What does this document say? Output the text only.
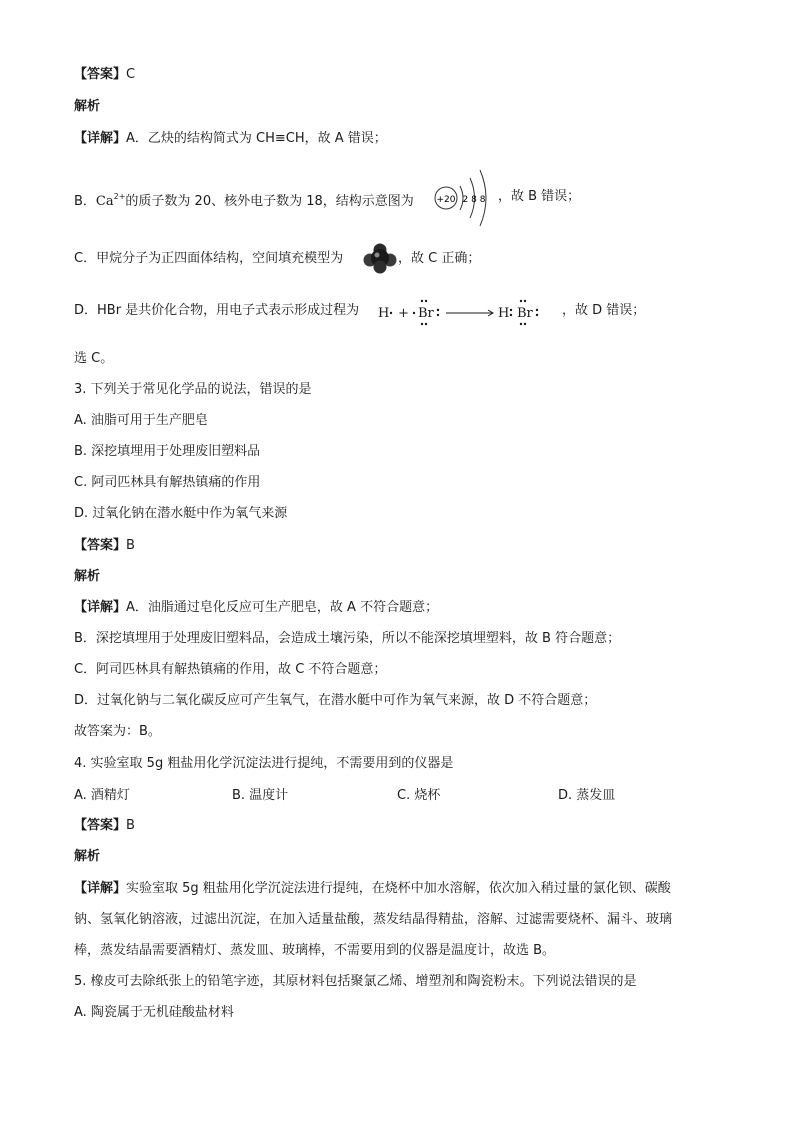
【答案】C
解析
【详解】A．乙炔的结构简式为 CH≡CH，故 A 错误；
B．$Ca^{2+}$的质子数为 20、核外电子数为 18，结构示意图为	+20 2 8 8 ，故 B 错误；
C．甲烷分子为正四面体结构，空间填充模型为	，故 C 正确；
D．HBr 是共价化合物，用电子式表示形成过程为 H + Br	H Br ，故 D 错误；
选 C。
3. 下列关于常见化学品的说法，错误的是
A. 油脂可用于生产肥皂
B. 深挖填埋用于处理废旧塑料品
C. 阿司匹林具有解热镇痛的作用
D. 过氧化钠在潜水艇中作为氧气来源
【答案】B
解析
【详解】A．油脂通过皂化反应可生产肥皂，故 A 不符合题意；
B．深挖填埋用于处理废旧塑料品，会造成土壤污染，所以不能深挖填埋塑料，故 B 符合题意；
C．阿司匹林具有解热镇痛的作用，故 C 不符合题意；
D．过氧化钠与二氧化碳反应可产生氧气，在潜水艇中可作为氧气来源，故 D 不符合题意；
故答案为：B。
4. 实验室取 5g 粗盐用化学沉淀法进行提纯，不需要用到的仪器是
A. 酒精灯	B. 温度计	C. 烧杯	D. 蒸发皿
【答案】B
解析
【详解】实验室取 5g 粗盐用化学沉淀法进行提纯，在烧杯中加水溶解，依次加入稍过量的氯化钡、碳酸
钠、氢氧化钠溶液，过滤出沉淀，在加入适量盐酸，蒸发结晶得精盐，溶解、过滤需要烧杯、漏斗、玻璃
棒，蒸发结晶需要酒精灯、蒸发皿、玻璃棒，不需要用到的仪器是温度计，故选 B。
5. 橡皮可去除纸张上的铅笔字迹，其原材料包括聚氯乙烯、增塑剂和陶瓷粉末。下列说法错误的是
A. 陶瓷属于无机硅酸盐材料
